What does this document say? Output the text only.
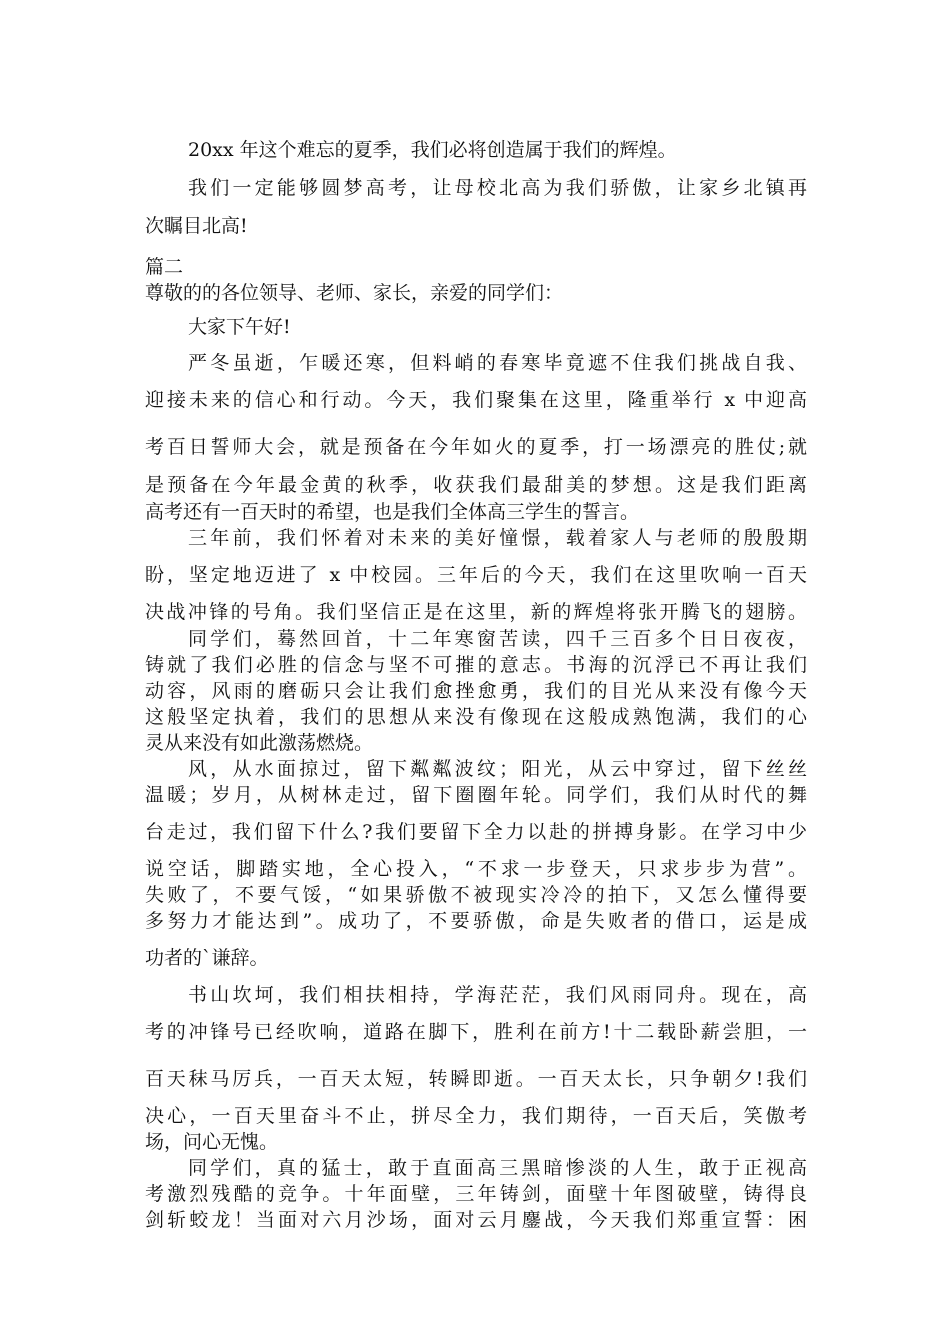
20xx 年这个难忘的夏季，我们必将创造属于我们的辉煌。
我们一定能够圆梦高考，让母校北高为我们骄傲，让家乡北镇再
次瞩目北高!
篇二
尊敬的的各位领导、老师、家长，亲爱的同学们：
大家下午好!
严冬虽逝，乍暖还寒，但料峭的春寒毕竟遮不住我们挑战自我、
迎接未来的信心和行动。今天，我们聚集在这里，隆重举行 x 中迎高
考百日誓师大会，就是预备在今年如火的夏季，打一场漂亮的胜仗;就
是预备在今年最金黄的秋季，收获我们最甜美的梦想。这是我们距离
高考还有一百天时的希望，也是我们全体高三学生的誓言。
三年前，我们怀着对未来的美好憧憬，载着家人与老师的殷殷期
盼，坚定地迈进了 x 中校园。三年后的今天，我们在这里吹响一百天
决战冲锋的号角。我们坚信正是在这里，新的辉煌将张开腾飞的翅膀。
同学们，蓦然回首，十二年寒窗苦读，四千三百多个日日夜夜，
铸就了我们必胜的信念与坚不可摧的意志。书海的沉浮已不再让我们
动容，风雨的磨砺只会让我们愈挫愈勇，我们的目光从来没有像今天
这般坚定执着，我们的思想从来没有像现在这般成熟饱满，我们的心
灵从来没有如此激荡燃烧。
风，从水面掠过，留下粼粼波纹；阳光，从云中穿过，留下丝丝
温暖；岁月，从树林走过，留下圈圈年轮。同学们，我们从时代的舞
台走过，我们留下什么?我们要留下全力以赴的拼搏身影。在学习中少
说空话，脚踏实地，全心投入，“不求一步登天，只求步步为营”。
失败了，不要气馁，“如果骄傲不被现实冷冷的拍下，又怎么懂得要
多努力才能达到”。成功了，不要骄傲，命是失败者的借口，运是成
功者的`谦辞。
书山坎坷，我们相扶相持，学海茫茫，我们风雨同舟。现在，高
考的冲锋号已经吹响，道路在脚下，胜利在前方!十二载卧薪尝胆，一
百天秣马厉兵，一百天太短，转瞬即逝。一百天太长，只争朝夕!我们
决心，一百天里奋斗不止，拼尽全力，我们期待，一百天后，笑傲考
场，问心无愧。
同学们，真的猛士，敢于直面高三黑暗惨淡的人生，敢于正视高
考激烈残酷的竞争。十年面壁，三年铸剑，面壁十年图破壁，铸得良
剑斩蛟龙！当面对六月沙场，面对云月鏖战，今天我们郑重宣誓：困
